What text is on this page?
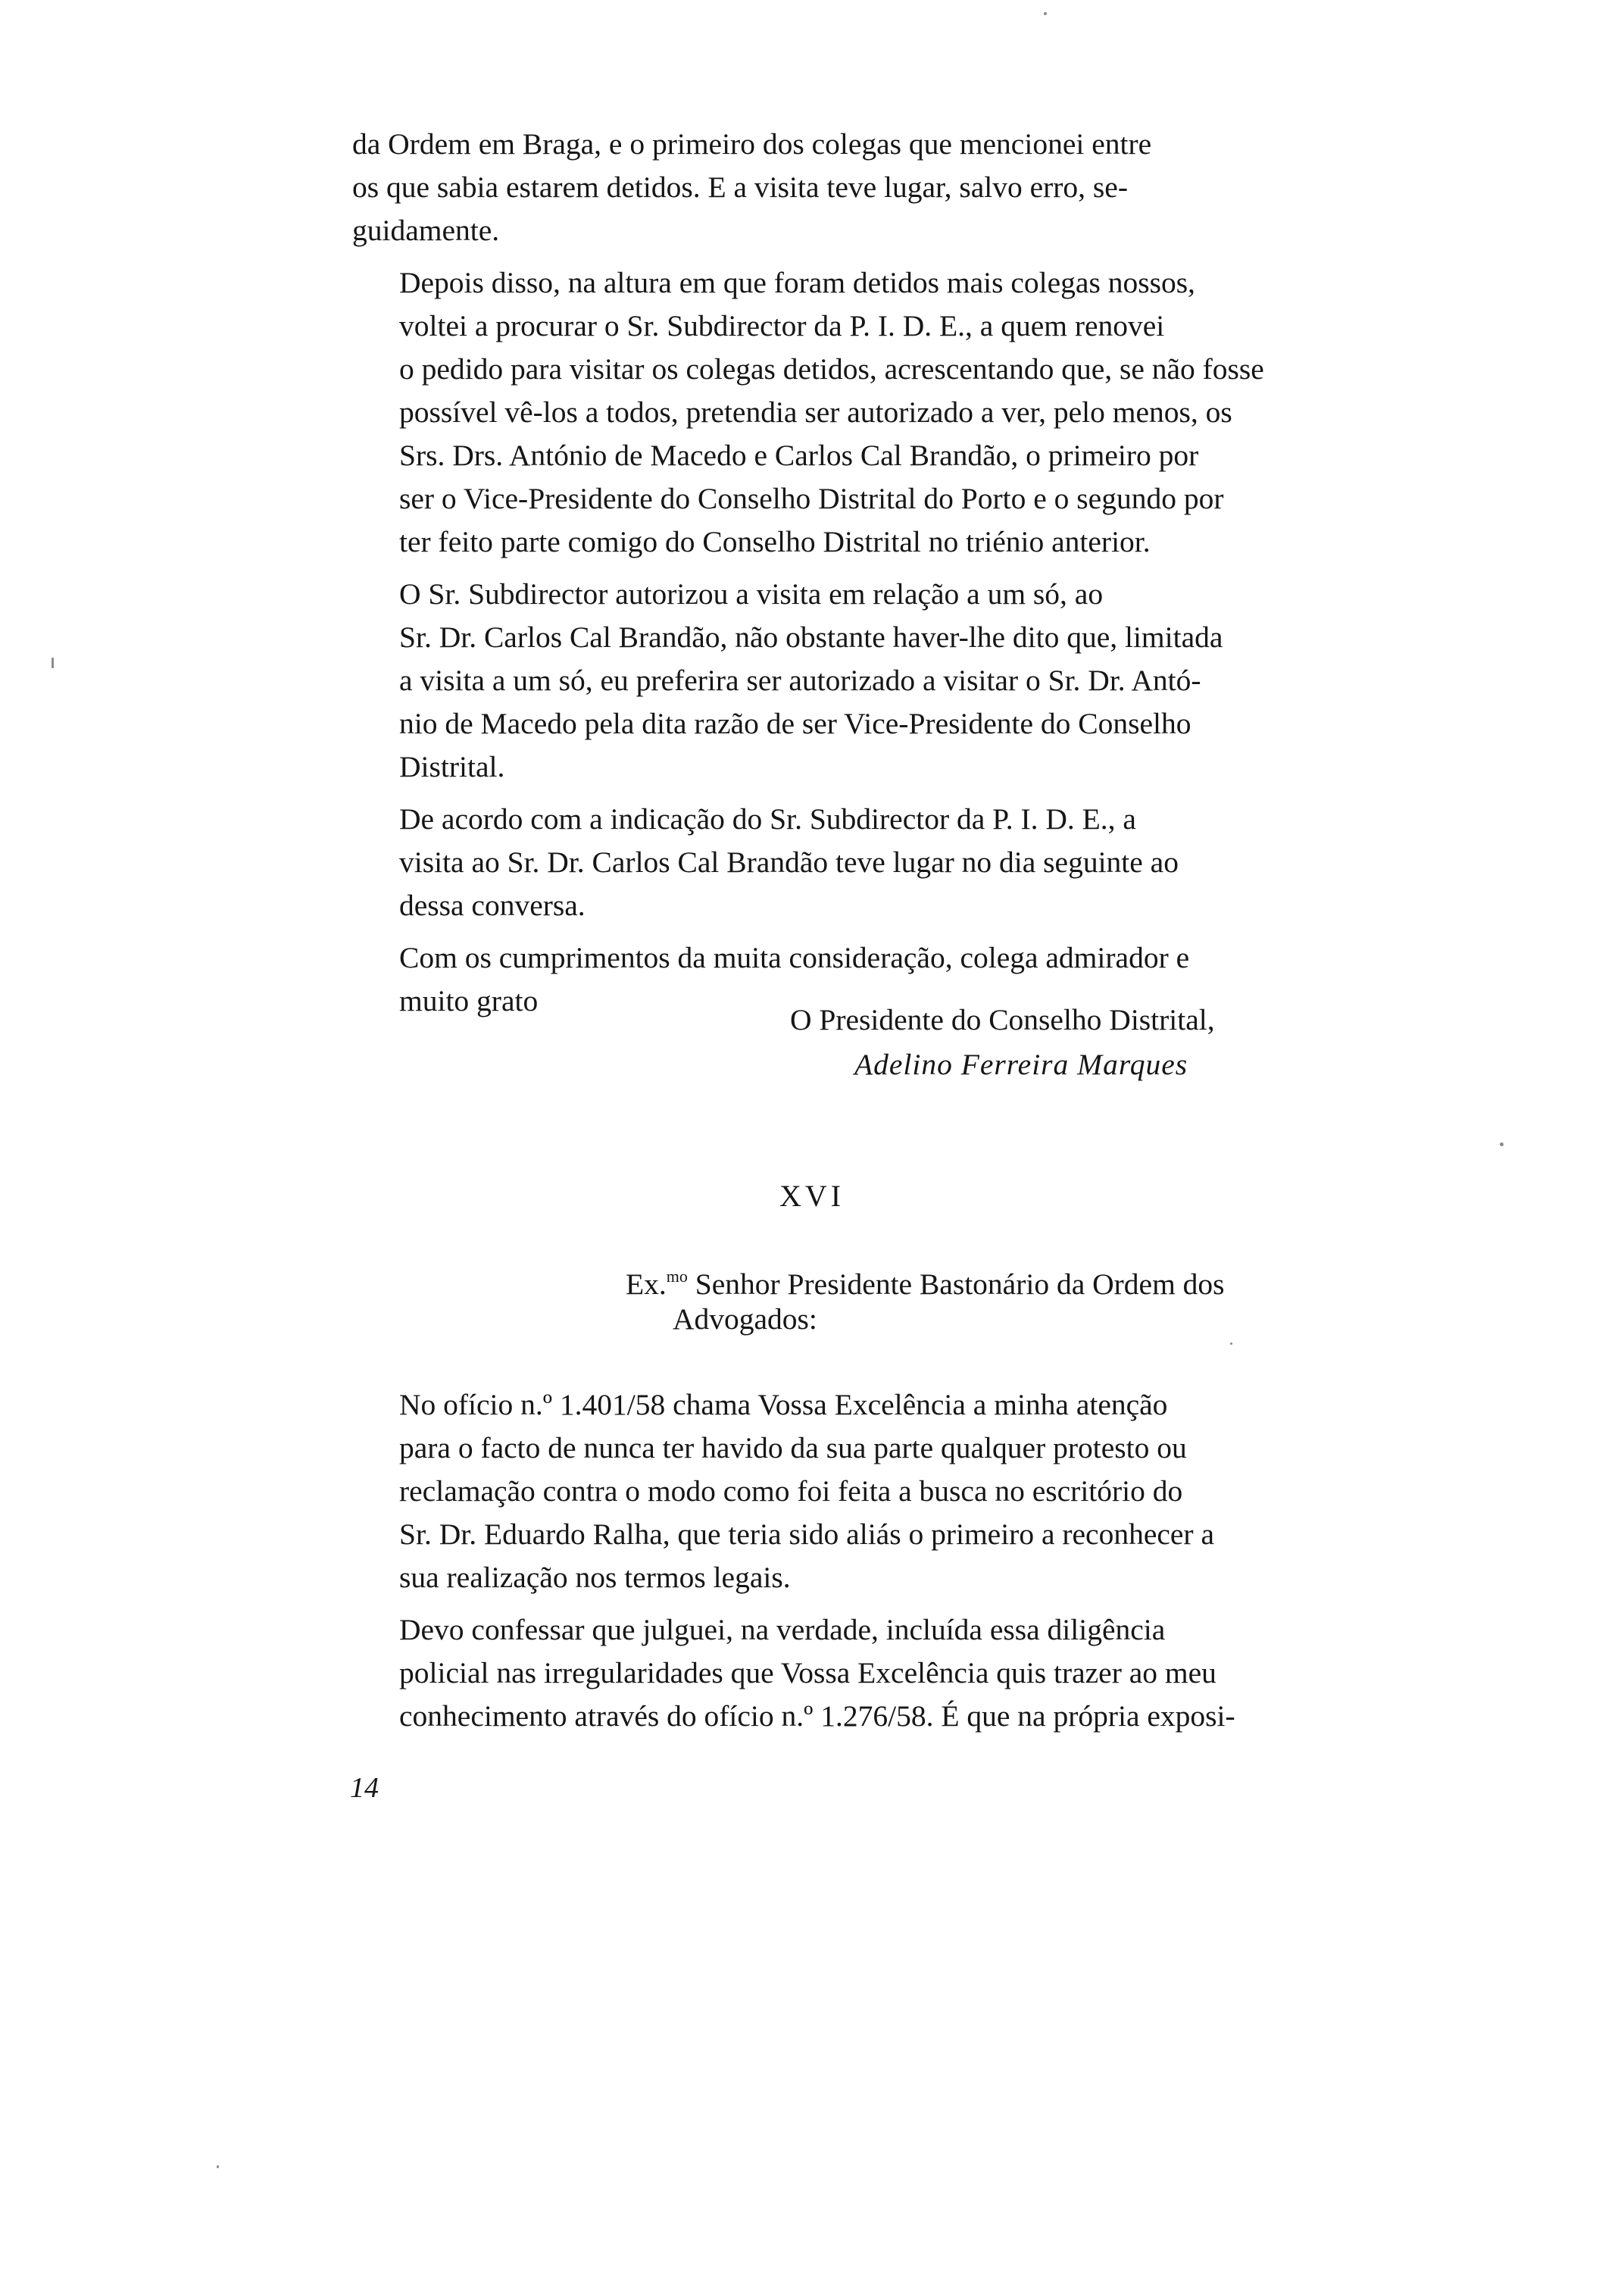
da Ordem em Braga, e o primeiro dos colegas que mencionei entre
os que sabia estarem detidos. E a visita teve lugar, salvo erro, se-
guidamente.

Depois disso, na altura em que foram detidos mais colegas nossos,
voltei a procurar o Sr. Subdirector da P. I. D. E., a quem renovei
o pedido para visitar os colegas detidos, acrescentando que, se não fosse
possível vê-los a todos, pretendia ser autorizado a ver, pelo menos, os
Srs. Drs. António de Macedo e Carlos Cal Brandão, o primeiro por
ser o Vice-Presidente do Conselho Distrital do Porto e o segundo por
ter feito parte comigo do Conselho Distrital no triénio anterior.

O Sr. Subdirector autorizou a visita em relação a um só, ao
Sr. Dr. Carlos Cal Brandão, não obstante haver-lhe dito que, limitada
a visita a um só, eu preferira ser autorizado a visitar o Sr. Dr. Antó-
nio de Macedo pela dita razão de ser Vice-Presidente do Conselho
Distrital.

De acordo com a indicação do Sr. Subdirector da P. I. D. E., a
visita ao Sr. Dr. Carlos Cal Brandão teve lugar no dia seguinte ao
dessa conversa.

Com os cumprimentos da muita consideração, colega admirador e
muito grato

O Presidente do Conselho Distrital,
Adelino Ferreira Marques
XVI
Ex.$^{mo}$ Senhor Presidente Bastonário da Ordem dos
Advogados:

No ofício n.º 1.401/58 chama Vossa Excelência a minha atenção
para o facto de nunca ter havido da sua parte qualquer protesto ou
reclamação contra o modo como foi feita a busca no escritório do
Sr. Dr. Eduardo Ralha, que teria sido aliás o primeiro a reconhecer a
sua realização nos termos legais.

Devo confessar que julguei, na verdade, incluída essa diligência
policial nas irregularidades que Vossa Excelência quis trazer ao meu
conhecimento através do ofício n.º 1.276/58. É que na própria exposi-

14
